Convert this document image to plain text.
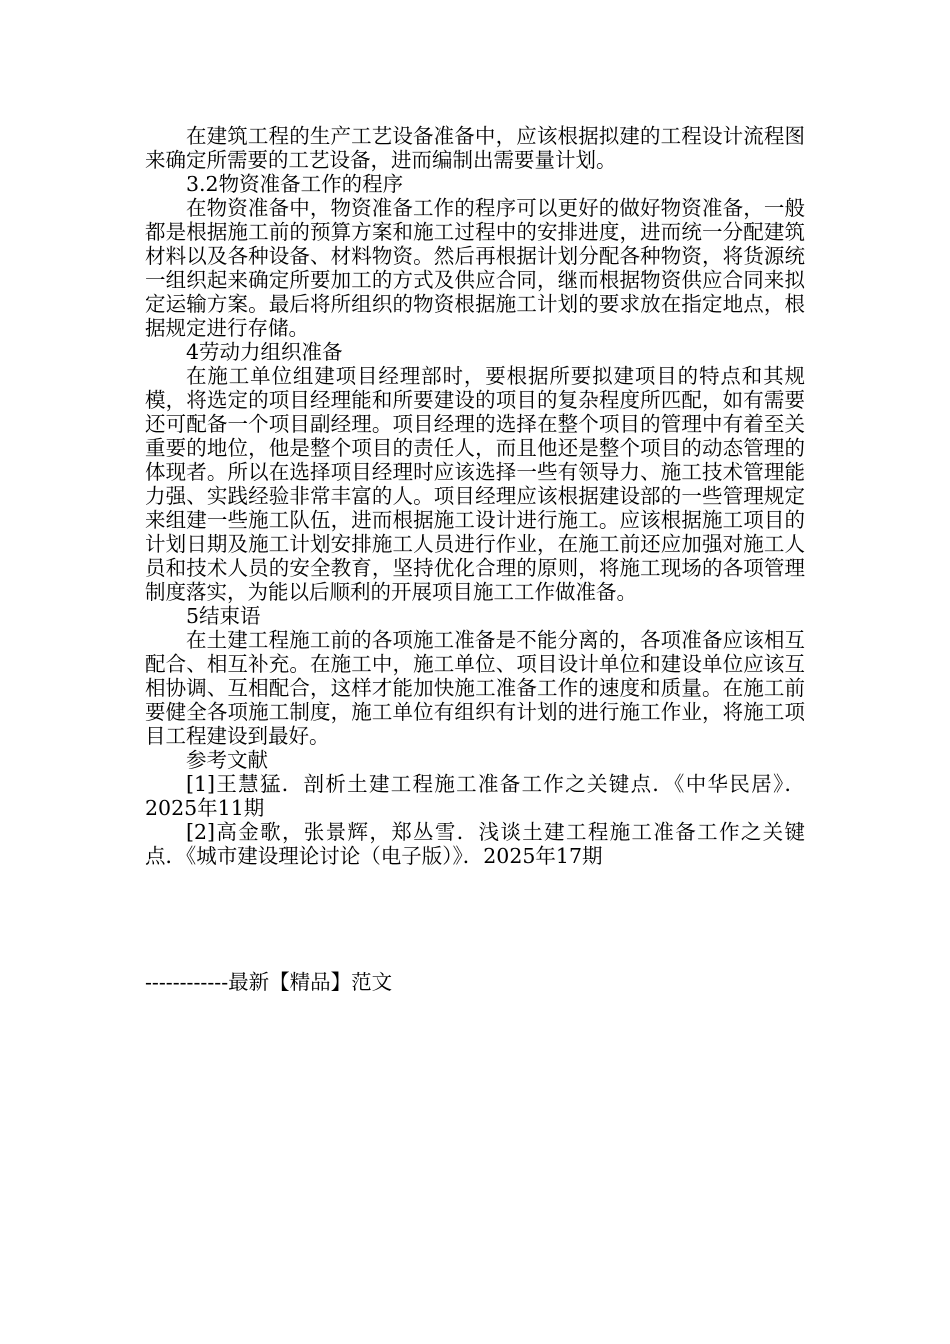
在建筑工程的生产工艺设备准备中，应该根据拟建的工程设计流程图来确定所需要的工艺设备，进而编制出需要量计划。

3.2物资准备工作的程序

在物资准备中，物资准备工作的程序可以更好的做好物资准备，一般都是根据施工前的预算方案和施工过程中的安排进度，进而统一分配建筑材料以及各种设备、材料物资。然后再根据计划分配各种物资，将货源统一组织起来确定所要加工的方式及供应合同，继而根据物资供应合同来拟定运输方案。最后将所组织的物资根据施工计划的要求放在指定地点，根据规定进行存储。

4劳动力组织准备

在施工单位组建项目经理部时，要根据所要拟建项目的特点和其规模，将选定的项目经理能和所要建设的项目的复杂程度所匹配，如有需要还可配备一个项目副经理。项目经理的选择在整个项目的管理中有着至关重要的地位，他是整个项目的责任人，而且他还是整个项目的动态管理的体现者。所以在选择项目经理时应该选择一些有领导力、施工技术管理能力强、实践经验非常丰富的人。项目经理应该根据建设部的一些管理规定来组建一些施工队伍，进而根据施工设计进行施工。应该根据施工项目的计划日期及施工计划安排施工人员进行作业，在施工前还应加强对施工人员和技术人员的安全教育，坚持优化合理的原则，将施工现场的各项管理制度落实，为能以后顺利的开展项目施工工作做准备。

5结束语

在土建工程施工前的各项施工准备是不能分离的，各项准备应该相互配合、相互补充。在施工中，施工单位、项目设计单位和建设单位应该互相协调、互相配合，这样才能加快施工准备工作的速度和质量。在施工前要健全各项施工制度，施工单位有组织有计划的进行施工作业，将施工项目工程建设到最好。

参考文献

[1]王慧猛．剖析土建工程施工准备工作之关键点．《中华民居》．2025年11期

[2]高金歌，张景辉，郑丛雪．浅谈土建工程施工准备工作之关键点．《城市建设理论讨论（电子版）》．2025年17期

------------最新【精品】范文
